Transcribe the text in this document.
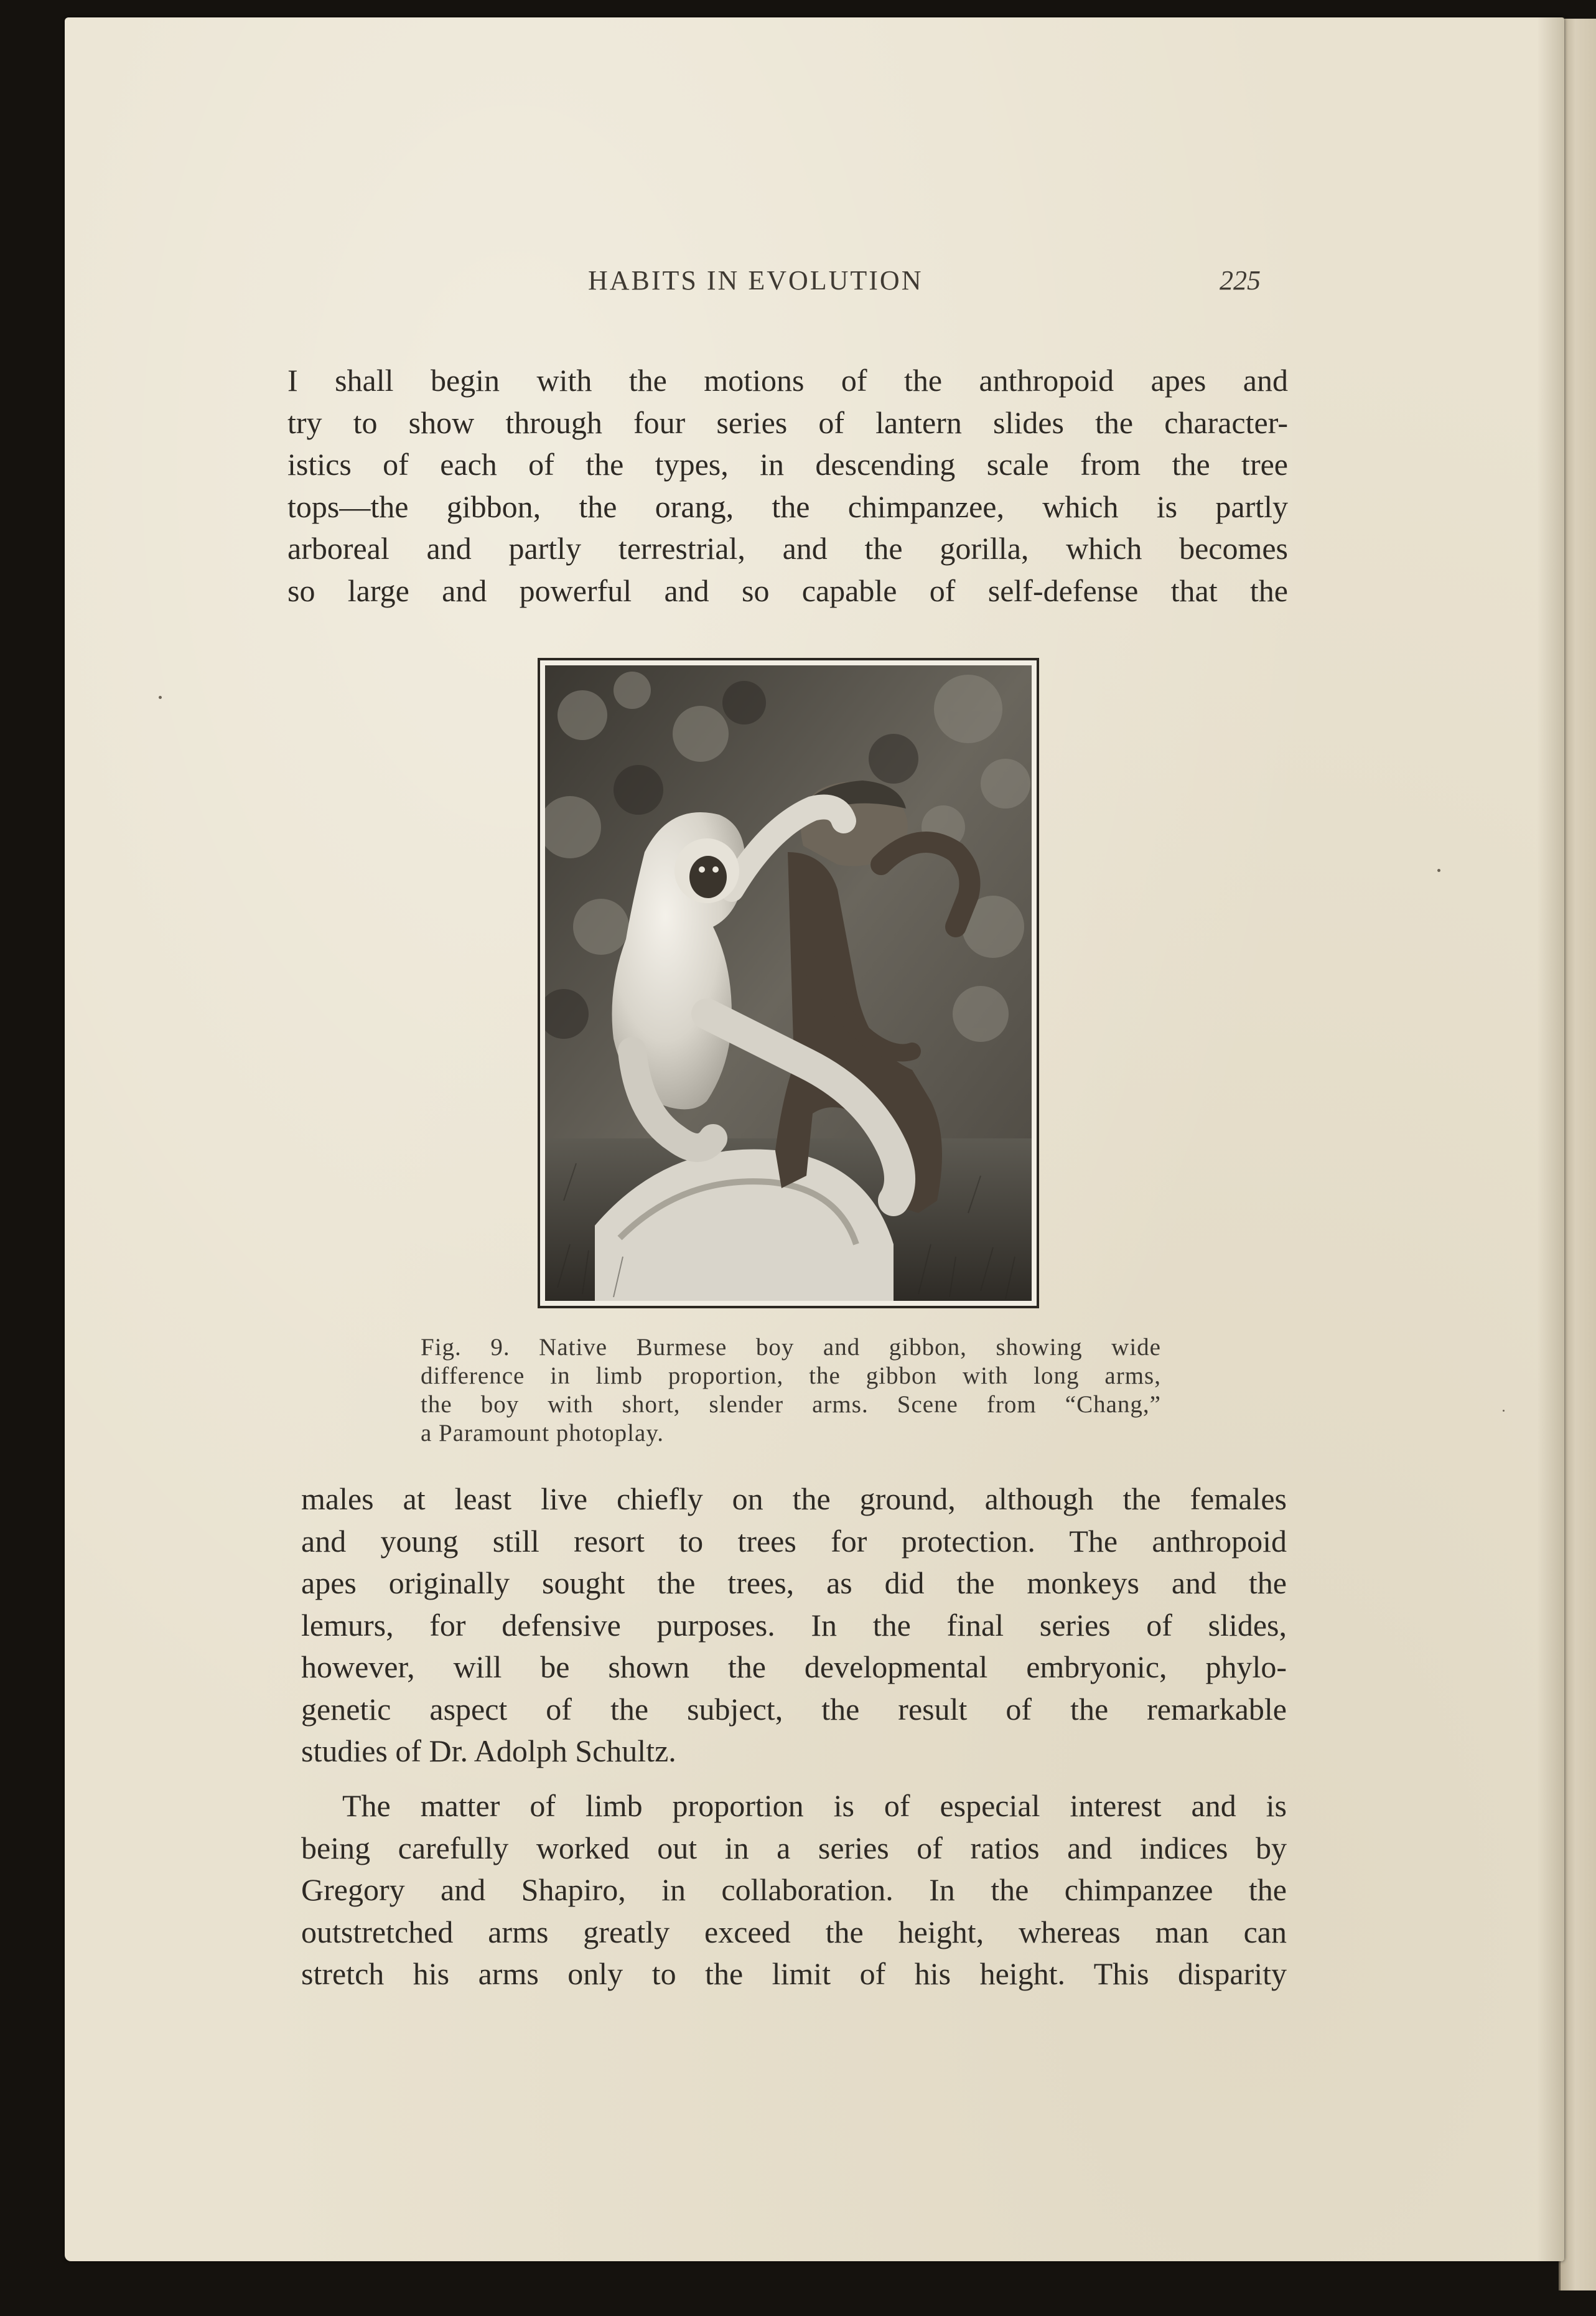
HABITS IN EVOLUTION	225
I shall begin with the motions of the anthropoid apes and
try to show through four series of lantern slides the character-
istics of each of the types, in descending scale from the tree
tops—the gibbon, the orang, the chimpanzee, which is partly
arboreal and partly terrestrial, and the gorilla, which becomes
so large and powerful and so capable of self-defense that the
Fig. 9. Native Burmese boy and gibbon, showing wide
difference in limb proportion, the gibbon with long arms,
the boy with short, slender arms. Scene from “Chang,”
a Paramount photoplay.
males at least live chiefly on the ground, although the females
and young still resort to trees for protection. The anthropoid
apes originally sought the trees, as did the monkeys and the
lemurs, for defensive purposes. In the final series of slides,
however, will be shown the developmental embryonic, phylo-
genetic aspect of the subject, the result of the remarkable
studies of Dr. Adolph Schultz.
The matter of limb proportion is of especial interest and is
being carefully worked out in a series of ratios and indices by
Gregory and Shapiro, in collaboration. In the chimpanzee the
outstretched arms greatly exceed the height, whereas man can
stretch his arms only to the limit of his height. This disparity
